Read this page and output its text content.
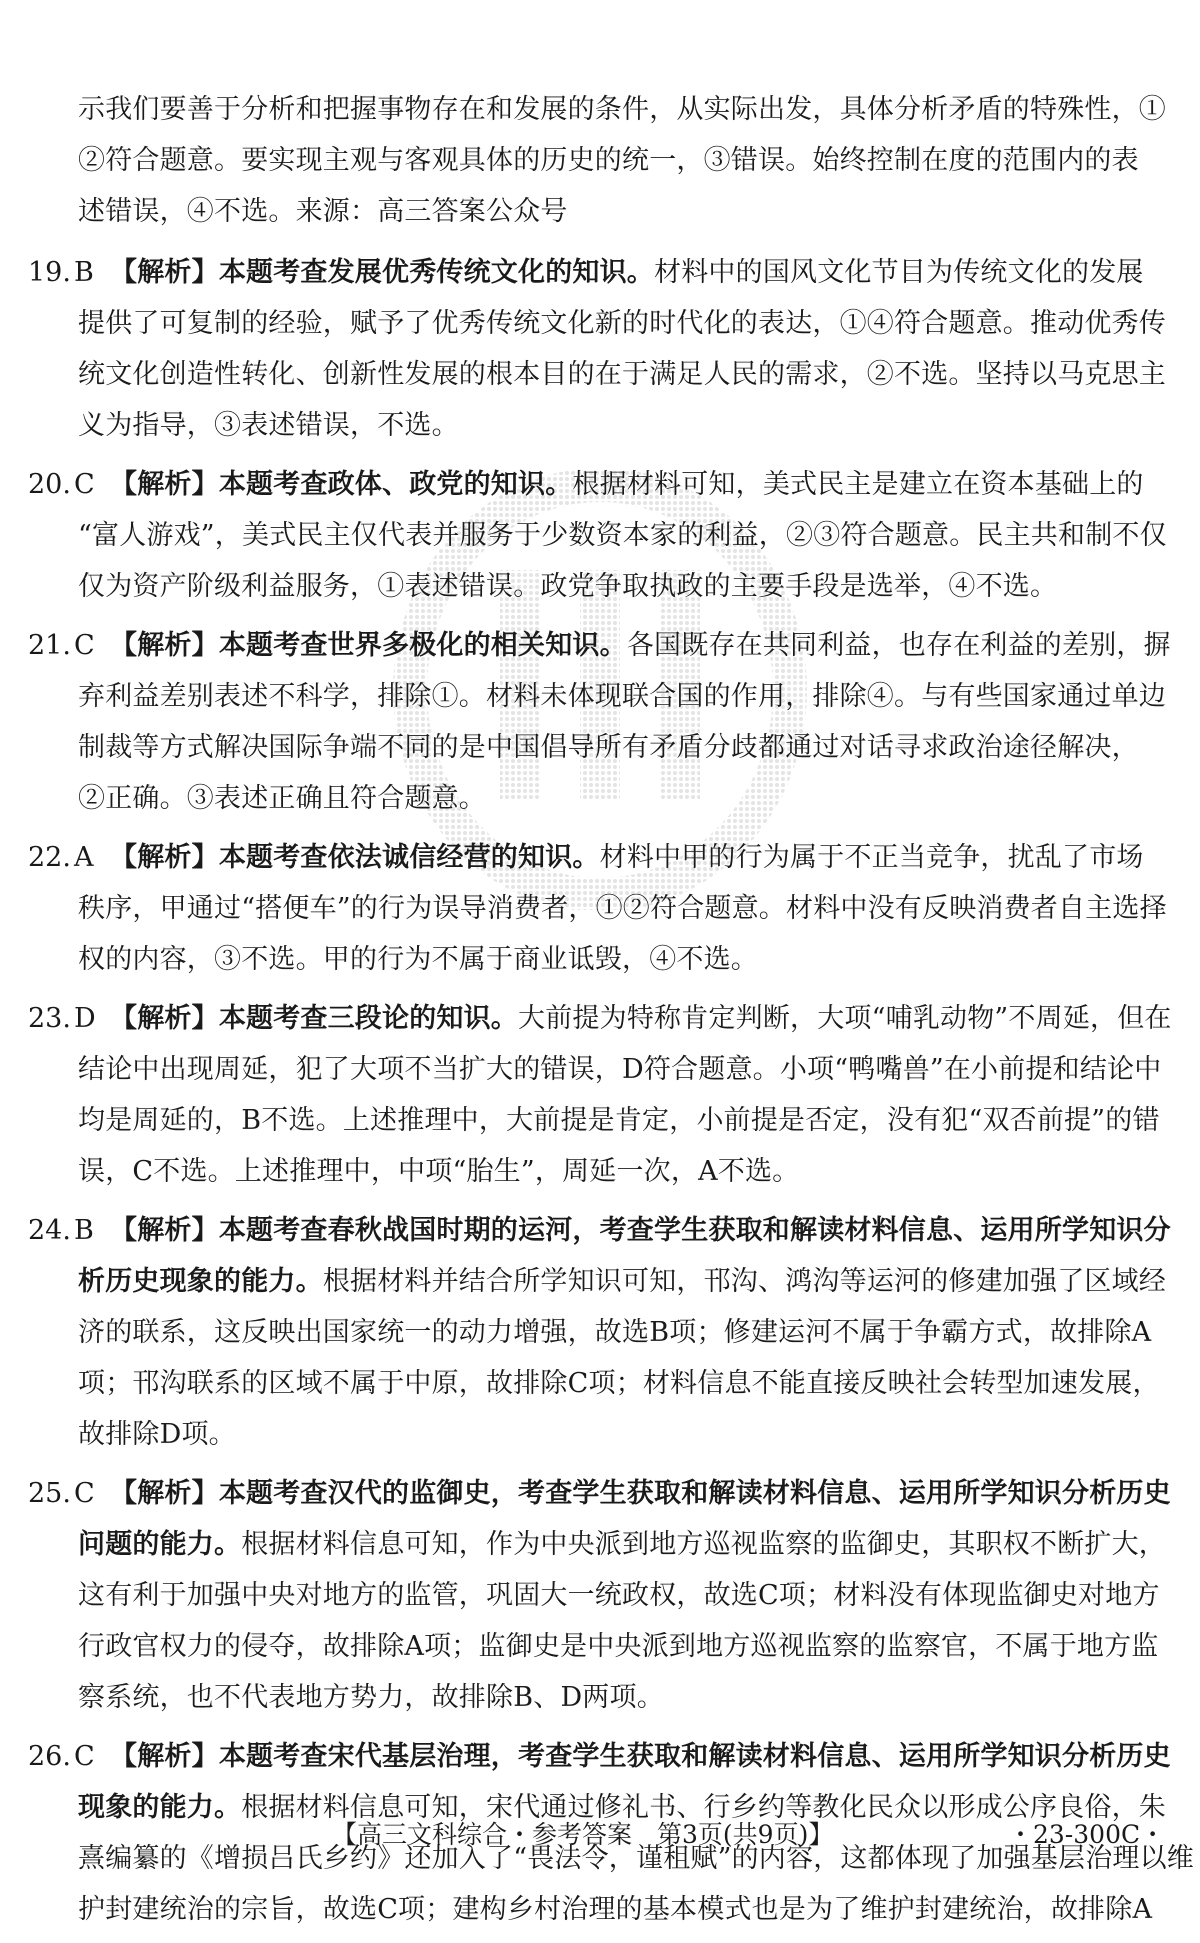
示我们要善于分析和把握事物存在和发展的条件，从实际出发，具体分析矛盾的特殊性，①
②符合题意。要实现主观与客观具体的历史的统一，③错误。始终控制在度的范围内的表
述错误，④不选。来源：高三答案公众号
19. B 【解析】本题考查发展优秀传统文化的知识。材料中的国风文化节目为传统文化的发展
提供了可复制的经验，赋予了优秀传统文化新的时代化的表达，①④符合题意。推动优秀传
统文化创造性转化、创新性发展的根本目的在于满足人民的需求，②不选。坚持以马克思主
义为指导，③表述错误，不选。
20. C 【解析】本题考查政体、政党的知识。根据材料可知，美式民主是建立在资本基础上的
“富人游戏”，美式民主仅代表并服务于少数资本家的利益，②③符合题意。民主共和制不仅
仅为资产阶级利益服务，①表述错误。政党争取执政的主要手段是选举，④不选。
21. C 【解析】本题考查世界多极化的相关知识。各国既存在共同利益，也存在利益的差别，摒
弃利益差别表述不科学，排除①。材料未体现联合国的作用，排除④。与有些国家通过单边
制裁等方式解决国际争端不同的是中国倡导所有矛盾分歧都通过对话寻求政治途径解决，
②正确。③表述正确且符合题意。
22. A 【解析】本题考查依法诚信经营的知识。材料中甲的行为属于不正当竞争，扰乱了市场
秩序，甲通过“搭便车”的行为误导消费者，①②符合题意。材料中没有反映消费者自主选择
权的内容，③不选。甲的行为不属于商业诋毁，④不选。
23. D 【解析】本题考查三段论的知识。大前提为特称肯定判断，大项“哺乳动物”不周延，但在
结论中出现周延，犯了大项不当扩大的错误，D符合题意。小项“鸭嘴兽”在小前提和结论中
均是周延的，B不选。上述推理中，大前提是肯定，小前提是否定，没有犯“双否前提”的错
误，C不选。上述推理中，中项“胎生”，周延一次，A不选。
24. B 【解析】本题考查春秋战国时期的运河，考查学生获取和解读材料信息、运用所学知识分
析历史现象的能力。根据材料并结合所学知识可知，邗沟、鸿沟等运河的修建加强了区域经
济的联系，这反映出国家统一的动力增强，故选B项；修建运河不属于争霸方式，故排除A
项；邗沟联系的区域不属于中原，故排除C项；材料信息不能直接反映社会转型加速发展，
故排除D项。
25. C 【解析】本题考查汉代的监御史，考查学生获取和解读材料信息、运用所学知识分析历史
问题的能力。根据材料信息可知，作为中央派到地方巡视监察的监御史，其职权不断扩大，
这有利于加强中央对地方的监管，巩固大一统政权，故选C项；材料没有体现监御史对地方
行政官权力的侵夺，故排除A项；监御史是中央派到地方巡视监察的监察官，不属于地方监
察系统，也不代表地方势力，故排除B、D两项。
26. C 【解析】本题考查宋代基层治理，考查学生获取和解读材料信息、运用所学知识分析历史
现象的能力。根据材料信息可知，宋代通过修礼书、行乡约等教化民众以形成公序良俗，朱
熹编纂的《增损吕氏乡约》还加入了“畏法令，谨租赋”的内容，这都体现了加强基层治理以维
护封建统治的宗旨，故选C项；建构乡村治理的基本模式也是为了维护封建统治，故排除A
【高三文科综合・参考答案　第3页(共9页)】	・23-300C・
